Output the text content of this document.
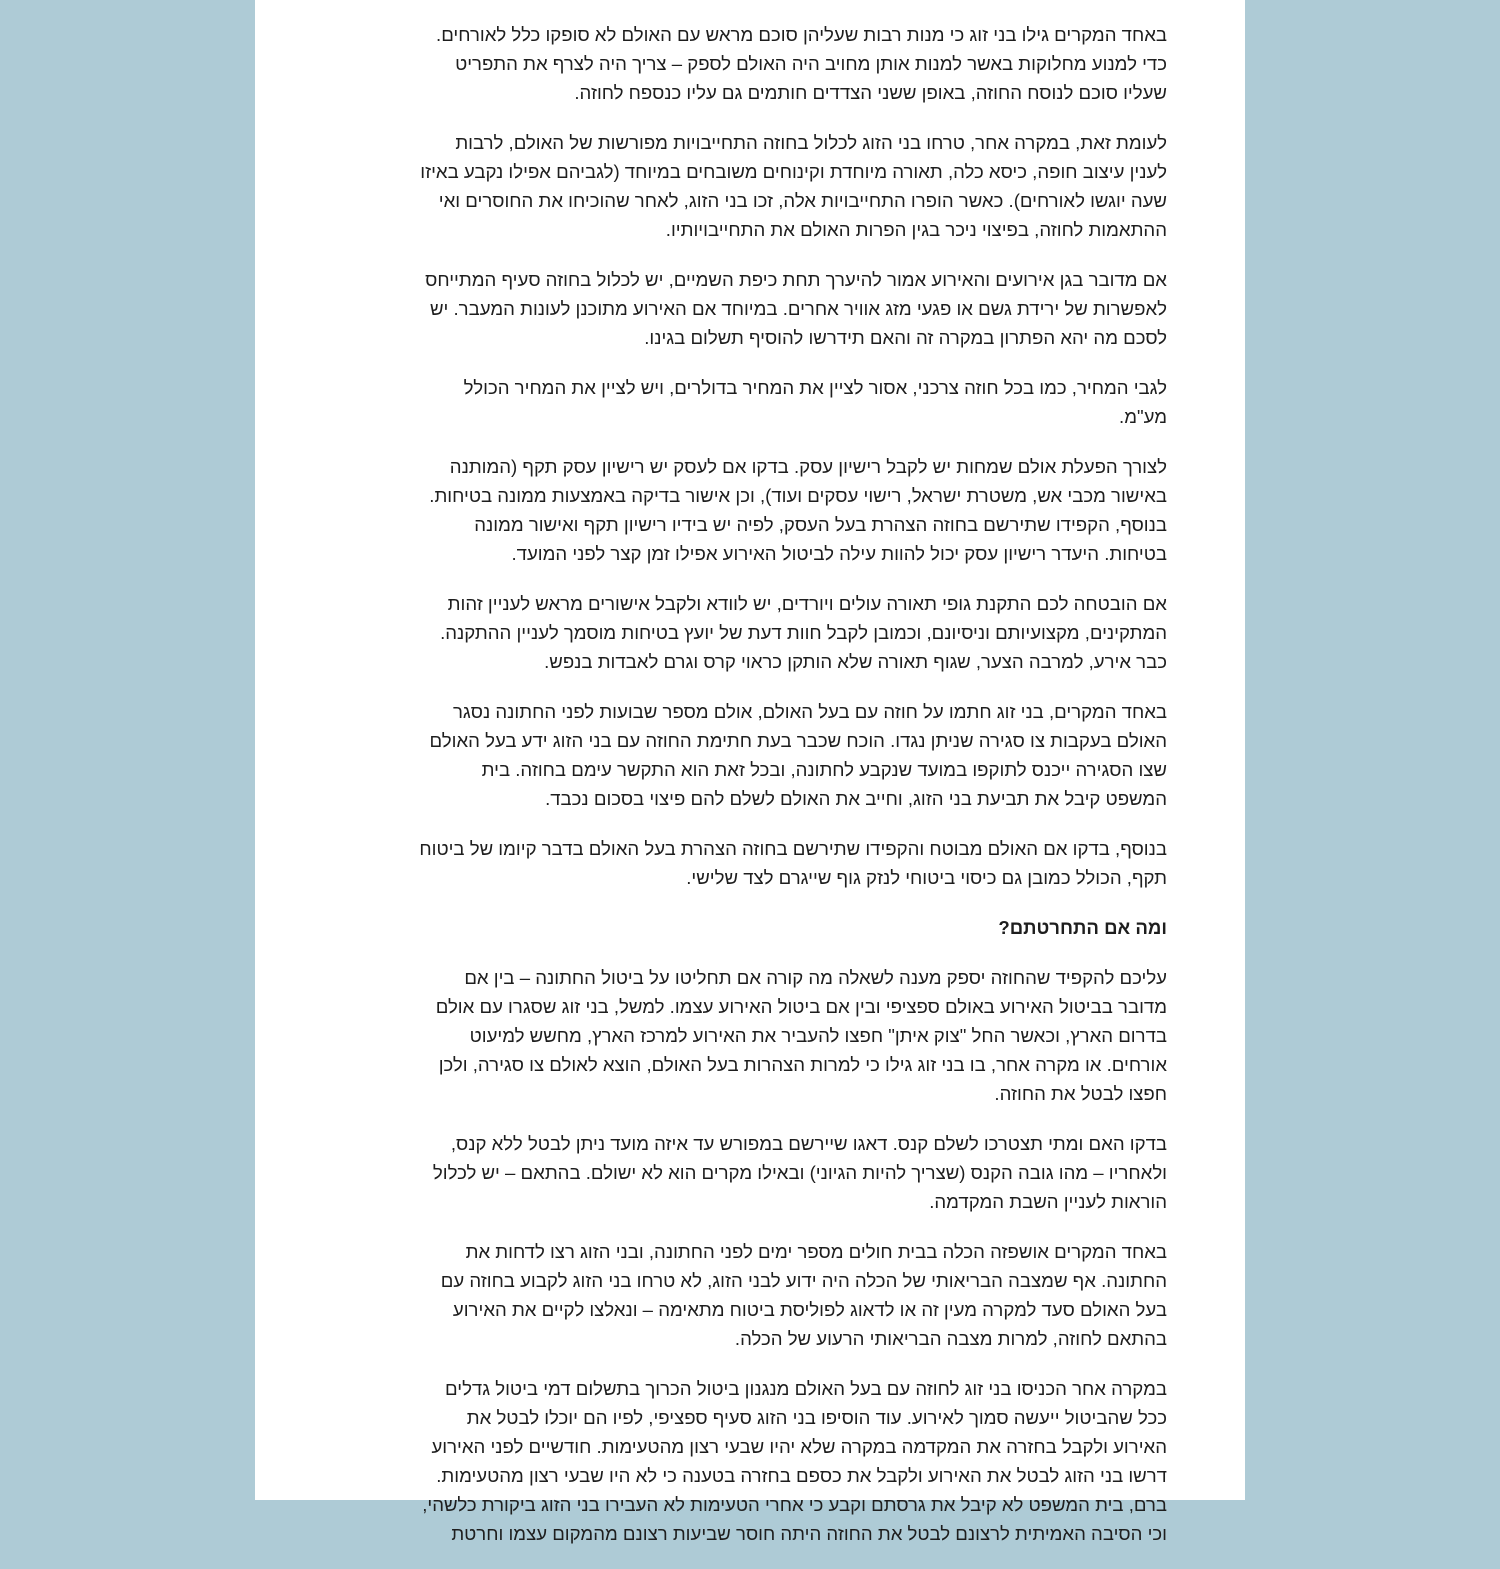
באחד המקרים גילו בני זוג כי מנות רבות שעליהן סוכם מראש עם האולם לא סופקו כלל לאורחים.
כדי למנוע מחלוקות באשר למנות אותן מחויב היה האולם לספק – צריך היה לצרף את התפריט
שעליו סוכם לנוסח החוזה, באופן ששני הצדדים חותמים גם עליו כנספח לחוזה.
לעומת זאת, במקרה אחר, טרחו בני הזוג לכלול בחוזה התחייבויות מפורשות של האולם, לרבות
לענין עיצוב חופה, כיסא כלה, תאורה מיוחדת וקינוחים משובחים במיוחד (לגביהם אפילו נקבע באיזו
שעה יוגשו לאורחים). כאשר הופרו התחייבויות אלה, זכו בני הזוג, לאחר שהוכיחו את החוסרים ואי
ההתאמות לחוזה, בפיצוי ניכר בגין הפרות האולם את התחייבויותיו.
אם מדובר בגן אירועים והאירוע אמור להיערך תחת כיפת השמיים, יש לכלול בחוזה סעיף המתייחס
לאפשרות של ירידת גשם או פגעי מזג אוויר אחרים. במיוחד אם האירוע מתוכנן לעונות המעבר. יש
לסכם מה יהא הפתרון במקרה זה והאם תידרשו להוסיף תשלום בגינו.
לגבי המחיר, כמו בכל חוזה צרכני, אסור לציין את המחיר בדולרים, ויש לציין את המחיר הכולל
מע"מ.
לצורך הפעלת אולם שמחות יש לקבל רישיון עסק. בדקו אם לעסק יש רישיון עסק תקף (המותנה
באישור מכבי אש, משטרת ישראל, רישוי עסקים ועוד), וכן אישור בדיקה באמצעות ממונה בטיחות.
בנוסף, הקפידו שתירשם בחוזה הצהרת בעל העסק, לפיה יש בידיו רישיון תקף ואישור ממונה
בטיחות. היעדר רישיון עסק יכול להוות עילה לביטול האירוע אפילו זמן קצר לפני המועד.
אם הובטחה לכם התקנת גופי תאורה עולים ויורדים, יש לוודא ולקבל אישורים מראש לעניין זהות
המתקינים, מקצועיותם וניסיונם, וכמובן לקבל חוות דעת של יועץ בטיחות מוסמך לעניין ההתקנה.
כבר אירע, למרבה הצער, שגוף תאורה שלא הותקן כראוי קרס וגרם לאבדות בנפש.
באחד המקרים, בני זוג חתמו על חוזה עם בעל האולם, אולם מספר שבועות לפני החתונה נסגר
האולם בעקבות צו סגירה שניתן נגדו. הוכח שכבר בעת חתימת החוזה עם בני הזוג ידע בעל האולם
שצו הסגירה ייכנס לתוקפו במועד שנקבע לחתונה, ובכל זאת הוא התקשר עימם בחוזה. בית
המשפט קיבל את תביעת בני הזוג, וחייב את האולם לשלם להם פיצוי בסכום נכבד.
בנוסף, בדקו אם האולם מבוטח והקפידו שתירשם בחוזה הצהרת בעל האולם בדבר קיומו של ביטוח
תקף, הכולל כמובן גם כיסוי ביטוחי לנזק גוף שייגרם לצד שלישי.
ומה אם התחרטתם?
עליכם להקפיד שהחוזה יספק מענה לשאלה מה קורה אם תחליטו על ביטול החתונה – בין אם
מדובר בביטול האירוע באולם ספציפי ובין אם ביטול האירוע עצמו. למשל, בני זוג שסגרו עם אולם
בדרום הארץ, וכאשר החל "צוק איתן" חפצו להעביר את האירוע למרכז הארץ, מחשש למיעוט
אורחים. או מקרה אחר, בו בני זוג גילו כי למרות הצהרות בעל האולם, הוצא לאולם צו סגירה, ולכן
חפצו לבטל את החוזה.
בדקו האם ומתי תצטרכו לשלם קנס. דאגו שיירשם במפורש עד איזה מועד ניתן לבטל ללא קנס,
ולאחריו – מהו גובה הקנס (שצריך להיות הגיוני) ובאילו מקרים הוא לא ישולם. בהתאם – יש לכלול
הוראות לעניין השבת המקדמה.
באחד המקרים אושפזה הכלה בבית חולים מספר ימים לפני החתונה, ובני הזוג רצו לדחות את
החתונה. אף שמצבה הבריאותי של הכלה היה ידוע לבני הזוג, לא טרחו בני הזוג לקבוע בחוזה עם
בעל האולם סעד למקרה מעין זה או לדאוג לפוליסת ביטוח מתאימה – ונאלצו לקיים את האירוע
בהתאם לחוזה, למרות מצבה הבריאותי הרעוע של הכלה.
במקרה אחר הכניסו בני זוג לחוזה עם בעל האולם מנגנון ביטול הכרוך בתשלום דמי ביטול גדלים
ככל שהביטול ייעשה סמוך לאירוע. עוד הוסיפו בני הזוג סעיף ספציפי, לפיו הם יוכלו לבטל את
האירוע ולקבל בחזרה את המקדמה במקרה שלא יהיו שבעי רצון מהטעימות. חודשיים לפני האירוע
דרשו בני הזוג לבטל את האירוע ולקבל את כספם בחזרה בטענה כי לא היו שבעי רצון מהטעימות.
ברם, בית המשפט לא קיבל את גרסתם וקבע כי אחרי הטעימות לא העבירו בני הזוג ביקורת כלשהי,
וכי הסיבה האמיתית לרצונם לבטל את החוזה היתה חוסר שביעות רצונם מהמקום עצמו וחרטת
